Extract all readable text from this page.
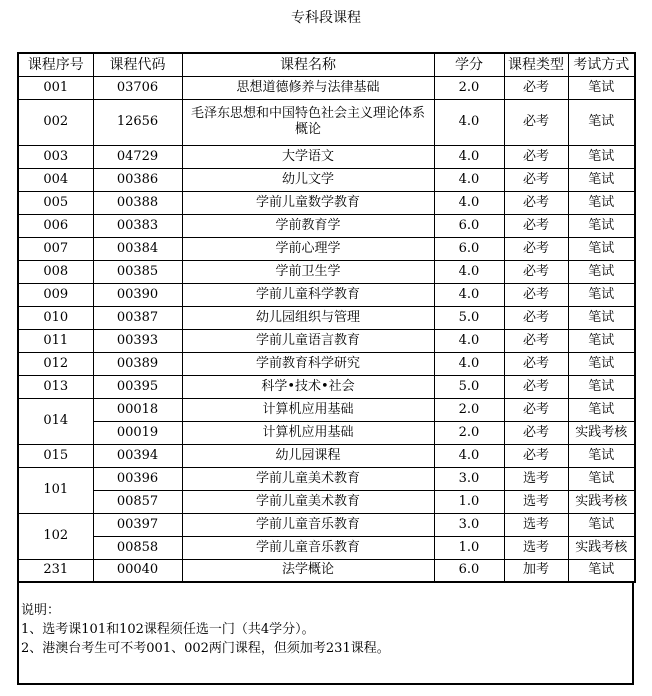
专科段课程
课程序号	课程代码	课程名称	学分	课程类型	考试方式
001	03706	思想道德修养与法律基础	2.0	必考	笔试
002	12656	毛泽东思想和中国特色社会主义理论体系概论	4.0	必考	笔试
003	04729	大学语文	4.0	必考	笔试
004	00386	幼儿文学	4.0	必考	笔试
005	00388	学前儿童数学教育	4.0	必考	笔试
006	00383	学前教育学	6.0	必考	笔试
007	00384	学前心理学	6.0	必考	笔试
008	00385	学前卫生学	4.0	必考	笔试
009	00390	学前儿童科学教育	4.0	必考	笔试
010	00387	幼儿园组织与管理	5.0	必考	笔试
011	00393	学前儿童语言教育	4.0	必考	笔试
012	00389	学前教育科学研究	4.0	必考	笔试
013	00395	科学•技术•社会	5.0	必考	笔试
014	00018	计算机应用基础	2.0	必考	笔试
	00019	计算机应用基础	2.0	必考	实践考核
015	00394	幼儿园课程	4.0	必考	笔试
101	00396	学前儿童美术教育	3.0	选考	笔试
	00857	学前儿童美术教育	1.0	选考	实践考核
102	00397	学前儿童音乐教育	3.0	选考	笔试
	00858	学前儿童音乐教育	1.0	选考	实践考核
231	00040	法学概论	6.0	加考	笔试
说明：
1、选考课101和102课程须任选一门（共4学分）。
2、港澳台考生可不考001、002两门课程，但须加考231课程。
